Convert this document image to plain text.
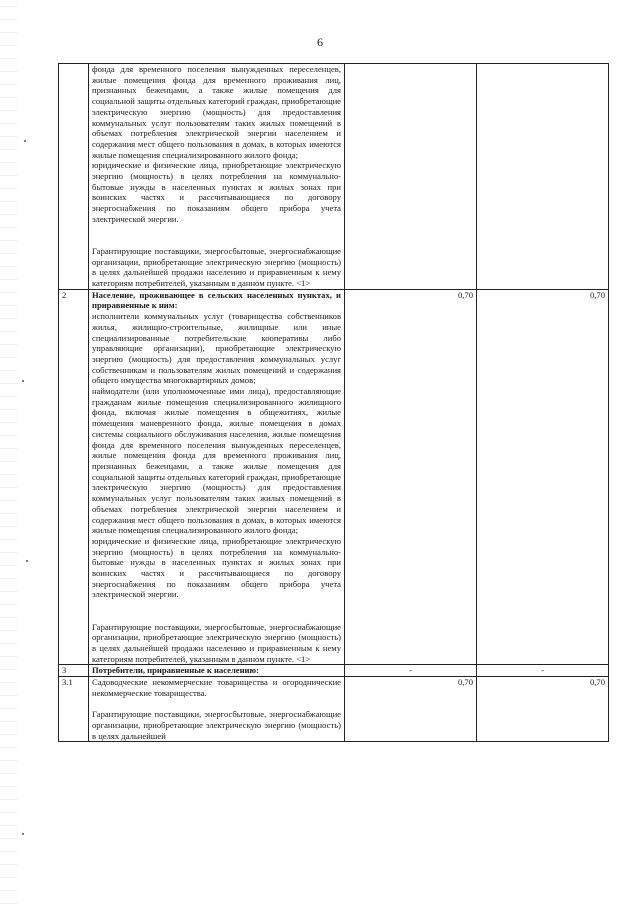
6

	фонда для временного поселения вынужденных переселенцев, жилые помещения фонда для временного проживания лиц, признанных беженцами, а также жилые помещения для социальной защиты отдельных категорий граждан, приобретающие электрическую энергию (мощность) для предоставления коммунальных услуг пользователям таких жилых помещений в объемах потребления электрической энергии населением и содержания мест общего пользования в домах, в которых имеются жилые помещения специализированного жилого фонда;
юридические и физические лица, приобретающие электрическую энергию (мощность) в целях потребления на коммунально-бытовые нужды в населенных пунктах и жилых зонах при воинских частях и рассчитывающиеся по договору энергоснабжения по показаниям общего прибора учета электрической энергии.
Гарантирующие поставщики, энергосбытовые, энергоснабжающие организации, приобретающие электрическую энергию (мощность) в целях дальнейшей продажи населению и приравненным к нему категориям потребителей, указанным в данном пункте. <1>		

2	Население, проживающее в сельских населенных пунктах, и приравненные к ним:
исполнители коммунальных услуг (товарищества собственников жилья, жилищно-строительные, жилищные или иные специализированные потребительские кооперативы либо управляющие организации), приобретающие электрическую энергию (мощность) для предоставления коммунальных услуг собственникам и пользователям жилых помещений и содержания общего имущества многоквартирных домов;
наймодатели (или уполномоченные ими лица), предоставляющие гражданам жилые помещения специализированного жилищного фонда, включая жилые помещения в общежитиях, жилые помещения маневренного фонда, жилые помещения в домах системы социального обслуживания населения, жилые помещения фонда для временного поселения вынужденных переселенцев, жилые помещения фонда для временного проживания лиц, признанных беженцами, а также жилые помещения для социальной защиты отдельных категорий граждан, приобретающие электрическую энергию (мощность) для предоставления коммунальных услуг пользователям таких жилых помещений в объемах потребления электрической энергии населением и содержания мест общего пользования в домах, в которых имеются жилые помещения специализированного жилого фонда;
юридические и физические лица, приобретающие электрическую энергию (мощность) в целях потребления на коммунально-бытовые нужды в населенных пунктах и жилых зонах при воинских частях и рассчитывающиеся по договору энергоснабжения по показаниям общего прибора учета электрической энергии.
Гарантирующие поставщики, энергосбытовые, энергоснабжающие организации, приобретающие электрическую энергию (мощность) в целях дальнейшей продажи населению и приравненным к нему категориям потребителей, указанным в данном пункте. <1>	0,70	0,70
3	Потребители, приравненные к населению:	-	-
3.1	Садоводческие некоммерческие товарищества и огороднические некоммерческие товарищества.
Гарантирующие поставщики, энергосбытовые, энергоснабжающие организации, приобретающие электрическую энергию (мощность) в целях дальнейшей	0,70	0,70
